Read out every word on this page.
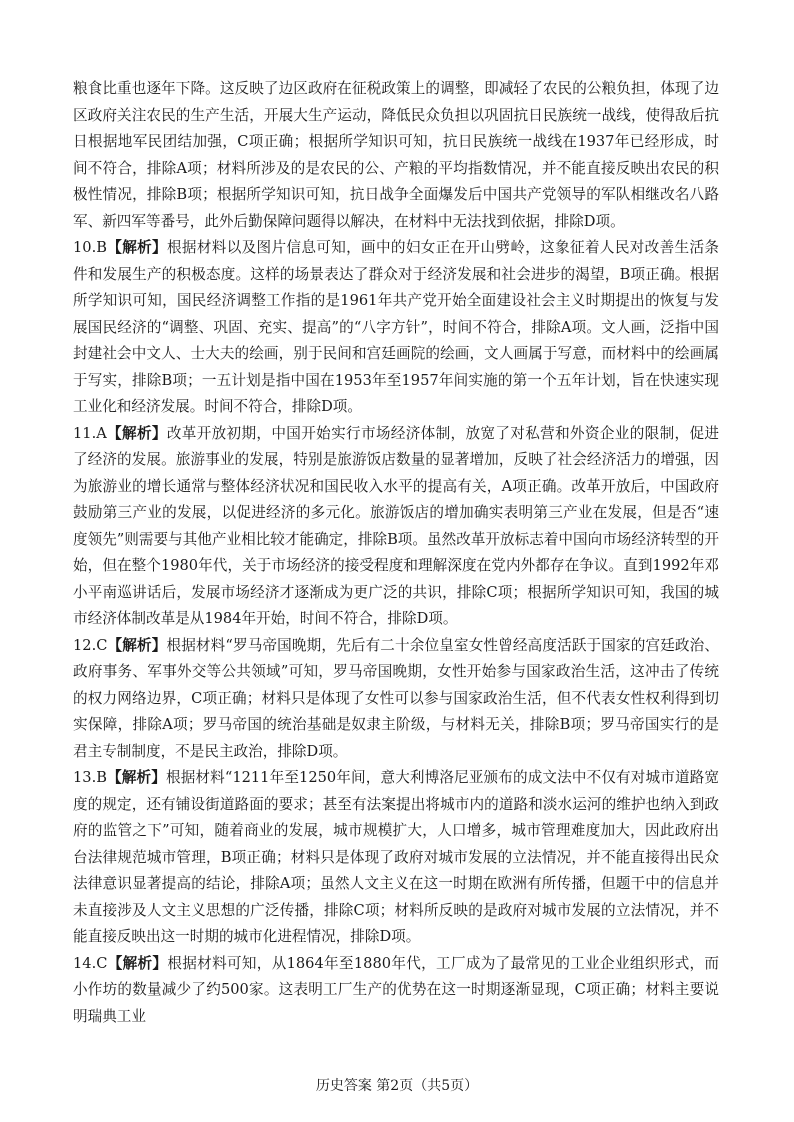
粮食比重也逐年下降。这反映了边区政府在征税政策上的调整，即减轻了农民的公粮负担，体现了边区政府关注农民的生产生活，开展大生产运动，降低民众负担以巩固抗日民族统一战线，使得敌后抗日根据地军民团结加强，C项正确；根据所学知识可知，抗日民族统一战线在1937年已经形成，时间不符合，排除A项；材料所涉及的是农民的公、产粮的平均指数情况，并不能直接反映出农民的积极性情况，排除B项；根据所学知识可知，抗日战争全面爆发后中国共产党领导的军队相继改名八路军、新四军等番号，此外后勤保障问题得以解决，在材料中无法找到依据，排除D项。

10.B【解析】根据材料以及图片信息可知，画中的妇女正在开山劈岭，这象征着人民对改善生活条件和发展生产的积极态度。这样的场景表达了群众对于经济发展和社会进步的渴望，B项正确。根据所学知识可知，国民经济调整工作指的是1961年共产党开始全面建设社会主义时期提出的恢复与发展国民经济的“调整、巩固、充实、提高”的“八字方针”，时间不符合，排除A项。文人画，泛指中国封建社会中文人、士大夫的绘画，别于民间和宫廷画院的绘画，文人画属于写意，而材料中的绘画属于写实，排除B项；一五计划是指中国在1953年至1957年间实施的第一个五年计划，旨在快速实现工业化和经济发展。时间不符合，排除D项。

11.A【解析】改革开放初期，中国开始实行市场经济体制，放宽了对私营和外资企业的限制，促进了经济的发展。旅游事业的发展，特别是旅游饭店数量的显著增加，反映了社会经济活力的增强，因为旅游业的增长通常与整体经济状况和国民收入水平的提高有关，A项正确。改革开放后，中国政府鼓励第三产业的发展，以促进经济的多元化。旅游饭店的增加确实表明第三产业在发展，但是否“速度领先”则需要与其他产业相比较才能确定，排除B项。虽然改革开放标志着中国向市场经济转型的开始，但在整个1980年代，关于市场经济的接受程度和理解深度在党内外都存在争议。直到1992年邓小平南巡讲话后，发展市场经济才逐渐成为更广泛的共识，排除C项；根据所学知识可知，我国的城市经济体制改革是从1984年开始，时间不符合，排除D项。

12.C【解析】根据材料“罗马帝国晚期，先后有二十余位皇室女性曾经高度活跃于国家的宫廷政治、政府事务、军事外交等公共领域”可知，罗马帝国晚期，女性开始参与国家政治生活，这冲击了传统的权力网络边界，C项正确；材料只是体现了女性可以参与国家政治生活，但不代表女性权利得到切实保障，排除A项；罗马帝国的统治基础是奴隶主阶级，与材料无关，排除B项；罗马帝国实行的是君主专制制度，不是民主政治，排除D项。

13.B【解析】根据材料“1211年至1250年间，意大利博洛尼亚颁布的成文法中不仅有对城市道路宽度的规定，还有铺设街道路面的要求；甚至有法案提出将城市内的道路和淡水运河的维护也纳入到政府的监管之下”可知，随着商业的发展，城市规模扩大，人口增多，城市管理难度加大，因此政府出台法律规范城市管理，B项正确；材料只是体现了政府对城市发展的立法情况，并不能直接得出民众法律意识显著提高的结论，排除A项；虽然人文主义在这一时期在欧洲有所传播，但题干中的信息并未直接涉及人文主义思想的广泛传播，排除C项；材料所反映的是政府对城市发展的立法情况，并不能直接反映出这一时期的城市化进程情况，排除D项。

14.C【解析】根据材料可知，从1864年至1880年代，工厂成为了最常见的工业企业组织形式，而小作坊的数量减少了约500家。这表明工厂生产的优势在这一时期逐渐显现，C项正确；材料主要说明瑞典工业

历史答案 第2页（共5页）
